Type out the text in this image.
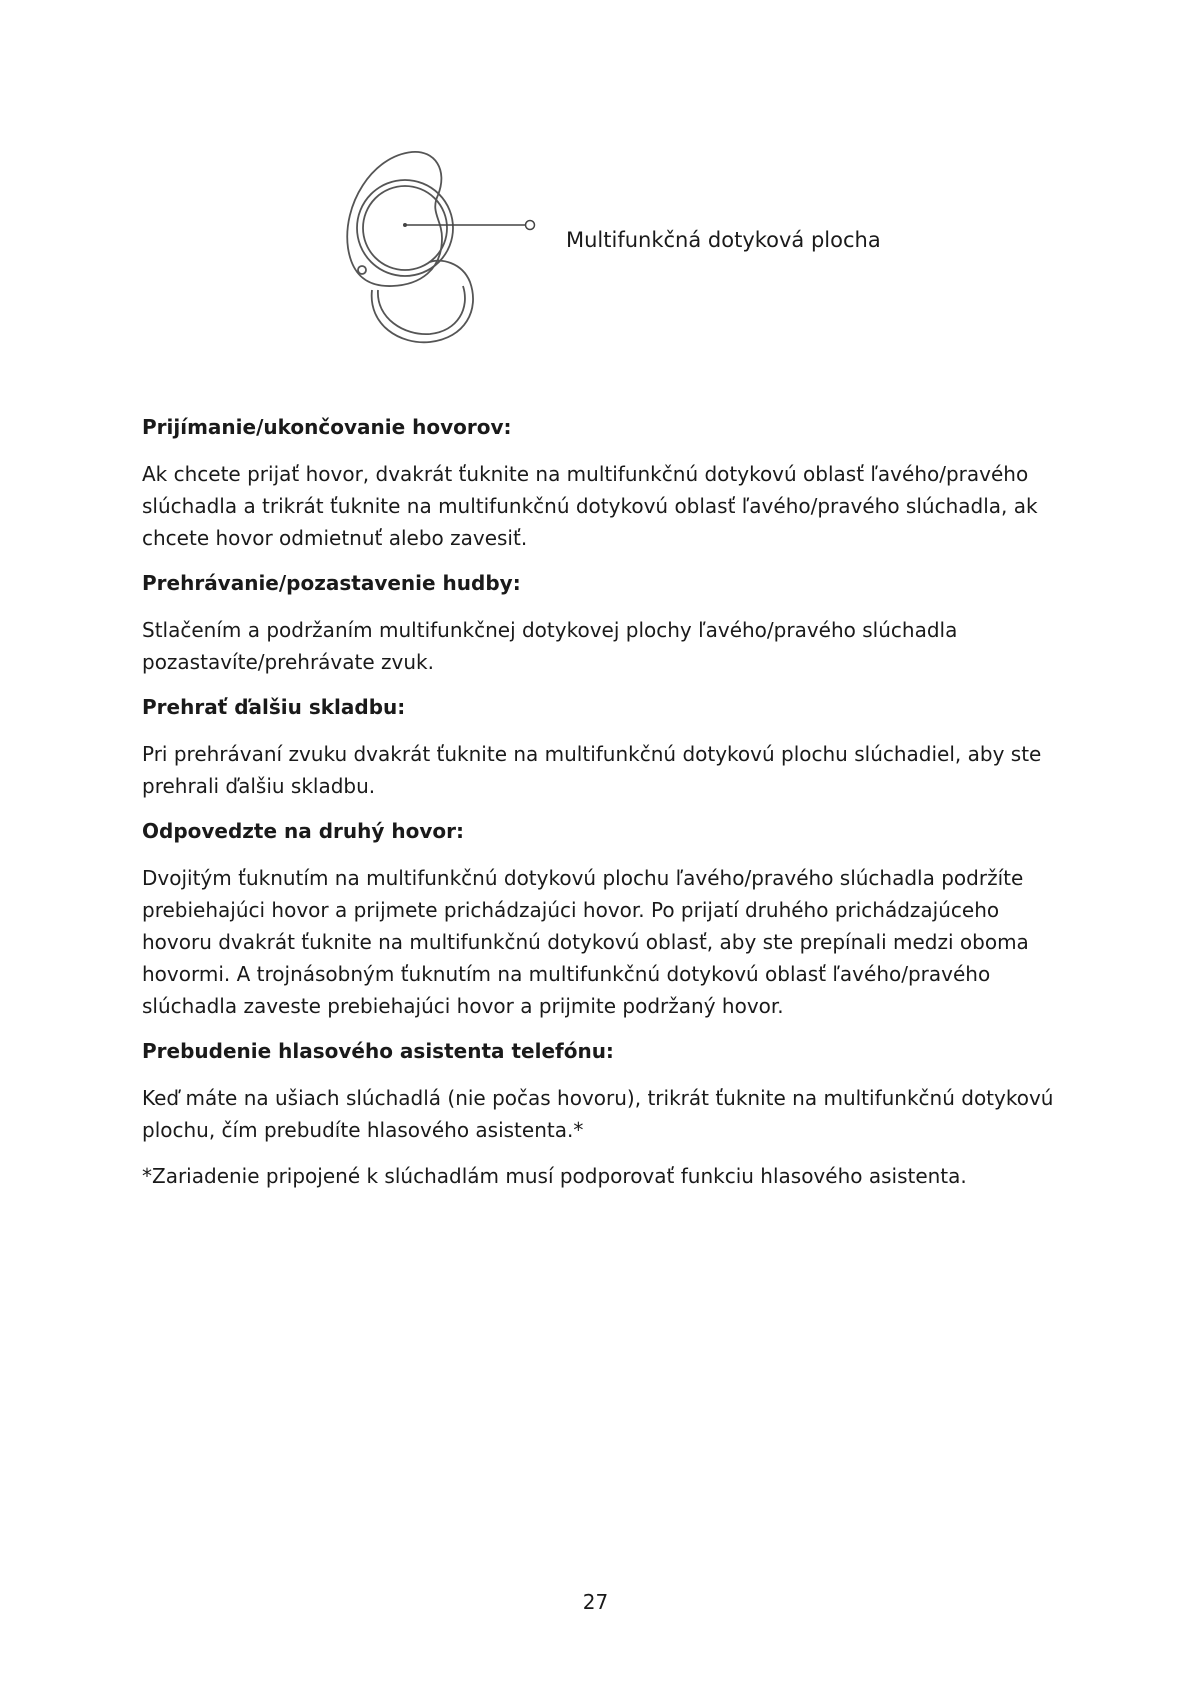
Multifunkčná dotyková plocha
Prijímanie/ukončovanie hovorov:
Ak chcete prijať hovor, dvakrát ťuknite na multifunkčnú dotykovú oblasť ľavého/pravého slúchadla a trikrát ťuknite na multifunkčnú dotykovú oblasť ľavého/pravého slúchadla, ak chcete hovor odmietnuť alebo zavesiť.
Prehrávanie/pozastavenie hudby:
Stlačením a podržaním multifunkčnej dotykovej plochy ľavého/pravého slúchadla pozastavíte/prehrávate zvuk.
Prehrať ďalšiu skladbu:
Pri prehrávaní zvuku dvakrát ťuknite na multifunkčnú dotykovú plochu slúchadiel, aby ste prehrali ďalšiu skladbu.
Odpovedzte na druhý hovor:
Dvojitým ťuknutím na multifunkčnú dotykovú plochu ľavého/pravého slúchadla podržíte prebiehajúci hovor a prijmete prichádzajúci hovor. Po prijatí druhého prichádzajúceho hovoru dvakrát ťuknite na multifunkčnú dotykovú oblasť, aby ste prepínali medzi oboma hovormi. A trojnásobným ťuknutím na multifunkčnú dotykovú oblasť ľavého/pravého slúchadla zaveste prebiehajúci hovor a prijmite podržaný hovor.
Prebudenie hlasového asistenta telefónu:
Keď máte na ušiach slúchadlá (nie počas hovoru), trikrát ťuknite na multifunkčnú dotykovú plochu, čím prebudíte hlasového asistenta.*

*Zariadenie pripojené k slúchadlám musí podporovať funkciu hlasového asistenta.

27
